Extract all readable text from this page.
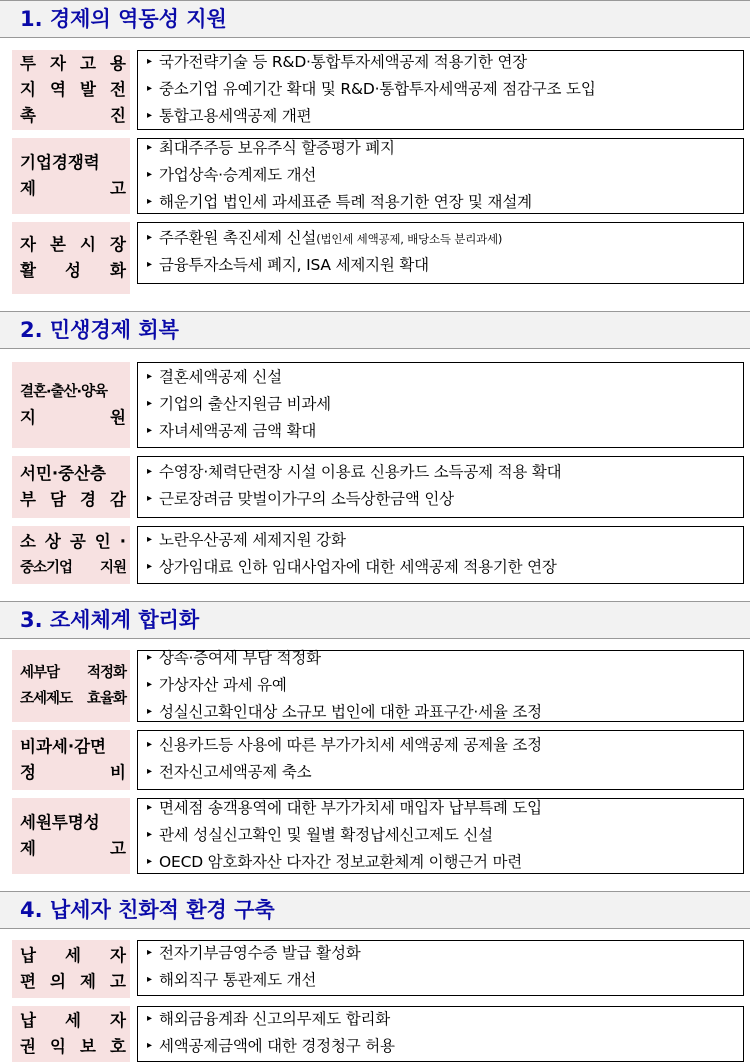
1. 경제의 역동성 지원
투 자 고 용
지 역 발 전
촉 진
▸ 국가전략기술 등 R&D·통합투자세액공제 적용기한 연장
▸ 중소기업 유예기간 확대 및 R&D·통합투자세액공제 점감구조 도입
▸ 통합고용세액공제 개편
기업경쟁력
제 고
▸ 최대주주등 보유주식 할증평가 폐지
▸ 가업상속·승계제도 개선
▸ 해운기업 법인세 과세표준 특례 적용기한 연장 및 재설계
자 본 시 장
활 성 화
▸ 주주환원 촉진세제 신설 (법인세 세액공제, 배당소득 분리과세)
▸ 금융투자소득세 폐지, ISA 세제지원 확대
2. 민생경제 회복
결혼·출산·양육
지 원
▸ 결혼세액공제 신설
▸ 기업의 출산지원금 비과세
▸ 자녀세액공제 금액 확대
서민·중산층
부 담 경 감
▸ 수영장·체력단련장 시설 이용료 신용카드 소득공제 적용 확대
▸ 근로장려금 맞벌이가구의 소득상한금액 인상
소 상 공 인 ·
중소기업 지원
▸ 노란우산공제 세제지원 강화
▸ 상가임대료 인하 임대사업자에 대한 세액공제 적용기한 연장
3. 조세체계 합리화
세부담 적정화
조세제도 효율화
▸ 상속·증여세 부담 적정화
▸ 가상자산 과세 유예
▸ 성실신고확인대상 소규모 법인에 대한 과표구간·세율 조정
비과세·감면
정 비
▸ 신용카드등 사용에 따른 부가가치세 세액공제 공제율 조정
▸ 전자신고세액공제 축소
세원투명성
제 고
▸ 면세점 송객용역에 대한 부가가치세 매입자 납부특례 도입
▸ 관세 성실신고확인 및 월별 확정납세신고제도 신설
▸ OECD 암호화자산 다자간 정보교환체계 이행근거 마련
4. 납세자 친화적 환경 구축
납 세 자
편 의 제 고
▸ 전자기부금영수증 발급 활성화
▸ 해외직구 통관제도 개선
납 세 자
권 익 보 호
▸ 해외금융계좌 신고의무제도 합리화
▸ 세액공제금액에 대한 경정청구 허용
